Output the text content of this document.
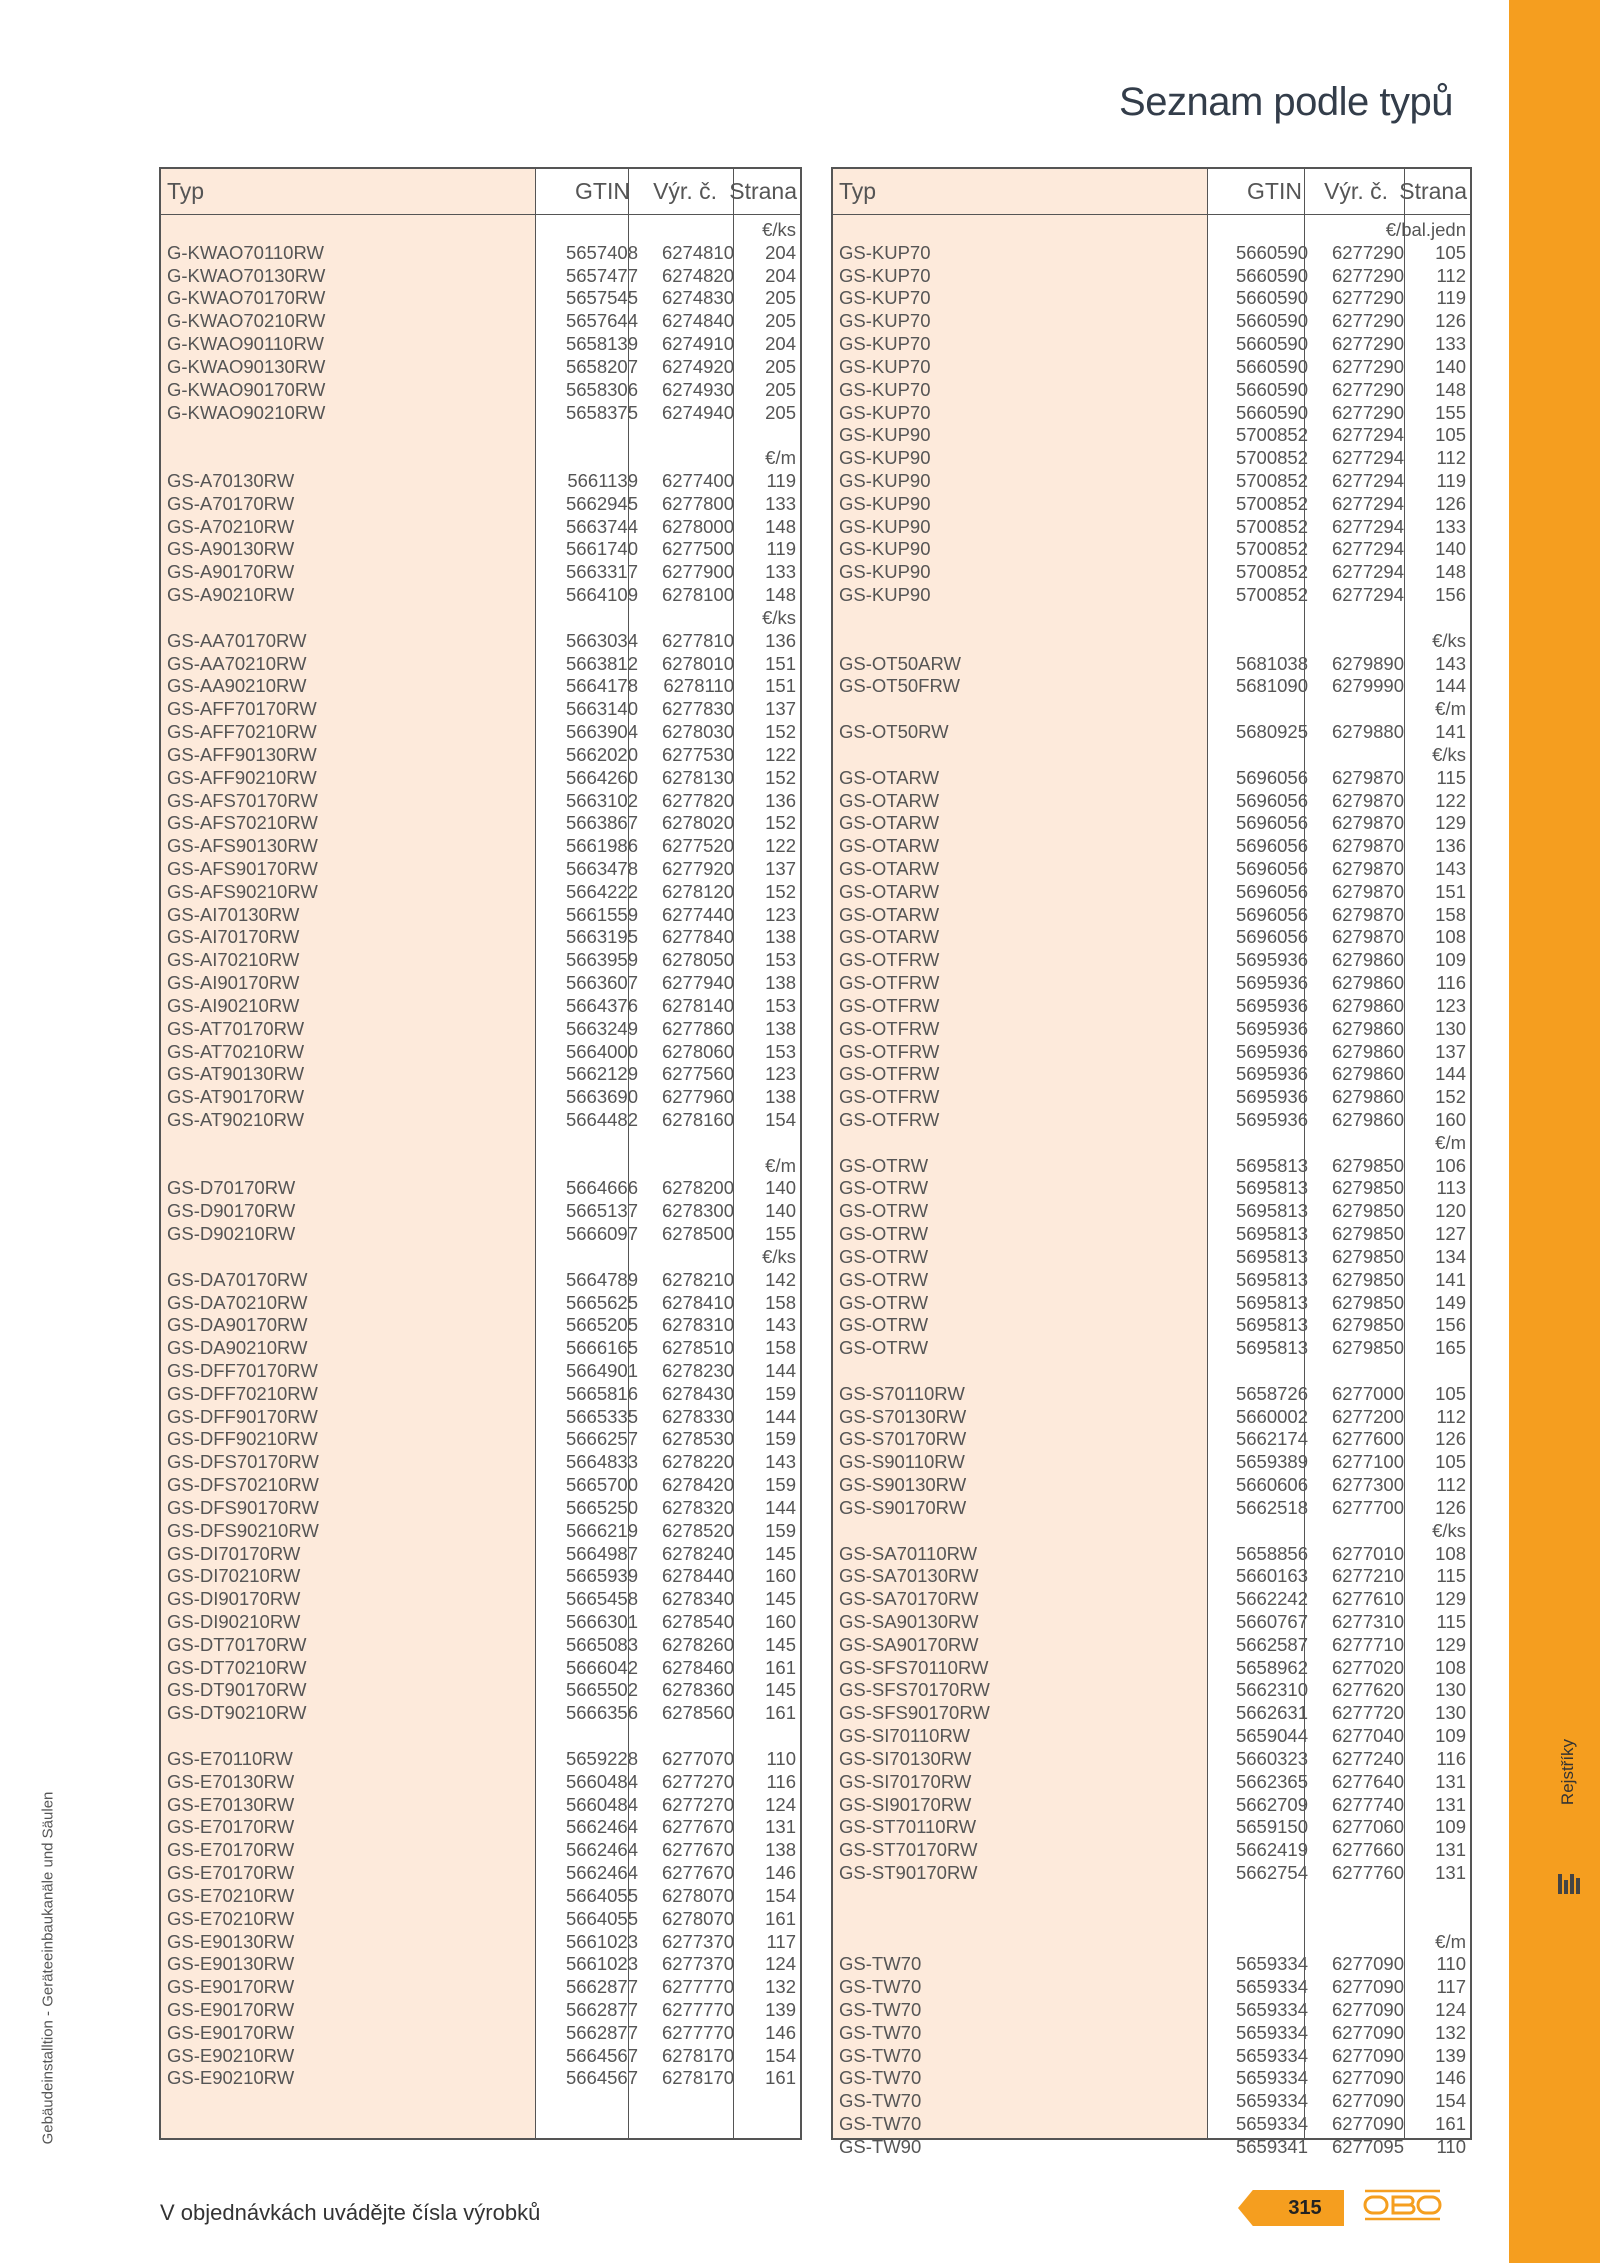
Rejstříky
Gebäudeinstalltion - Geräteeinbaukanäle und Säulen
Seznam podle typů
Typ	GTIN Výr. č. Strana
€/ks
G-KWAO70110RW	5657408 6274810 204
G-KWAO70130RW	5657477 6274820 204
G-KWAO70170RW	5657545 6274830 205
G-KWAO70210RW	5657644 6274840 205
G-KWAO90110RW	5658139 6274910 204
G-KWAO90130RW	5658207 6274920 205
G-KWAO90170RW	5658306 6274930 205
G-KWAO90210RW	5658375 6274940 205
€/m
GS-A70130RW	5661139 6277400 119
GS-A70170RW	5662945 6277800 133
GS-A70210RW	5663744 6278000 148
GS-A90130RW	5661740 6277500 119
GS-A90170RW	5663317 6277900 133
GS-A90210RW	5664109 6278100 148
€/ks
GS-AA70170RW	5663034 6277810 136
GS-AA70210RW	5663812 6278010 151
GS-AA90210RW	5664178 6278110 151
GS-AFF70170RW	5663140 6277830 137
GS-AFF70210RW	5663904 6278030 152
GS-AFF90130RW	5662020 6277530 122
GS-AFF90210RW	5664260 6278130 152
GS-AFS70170RW	5663102 6277820 136
GS-AFS70210RW	5663867 6278020 152
GS-AFS90130RW	5661986 6277520 122
GS-AFS90170RW	5663478 6277920 137
GS-AFS90210RW	5664222 6278120 152
GS-AI70130RW	5661559 6277440 123
GS-AI70170RW	5663195 6277840 138
GS-AI70210RW	5663959 6278050 153
GS-AI90170RW	5663607 6277940 138
GS-AI90210RW	5664376 6278140 153
GS-AT70170RW	5663249 6277860 138
GS-AT70210RW	5664000 6278060 153
GS-AT90130RW	5662129 6277560 123
GS-AT90170RW	5663690 6277960 138
GS-AT90210RW	5664482 6278160 154
€/m
GS-D70170RW	5664666 6278200 140
GS-D90170RW	5665137 6278300 140
GS-D90210RW	5666097 6278500 155
€/ks
GS-DA70170RW	5664789 6278210 142
GS-DA70210RW	5665625 6278410 158
GS-DA90170RW	5665205 6278310 143
GS-DA90210RW	5666165 6278510 158
GS-DFF70170RW	5664901 6278230 144
GS-DFF70210RW	5665816 6278430 159
GS-DFF90170RW	5665335 6278330 144
GS-DFF90210RW	5666257 6278530 159
GS-DFS70170RW	5664833 6278220 143
GS-DFS70210RW	5665700 6278420 159
GS-DFS90170RW	5665250 6278320 144
GS-DFS90210RW	5666219 6278520 159
GS-DI70170RW	5664987 6278240 145
GS-DI70210RW	5665939 6278440 160
GS-DI90170RW	5665458 6278340 145
GS-DI90210RW	5666301 6278540 160
GS-DT70170RW	5665083 6278260 145
GS-DT70210RW	5666042 6278460 161
GS-DT90170RW	5665502 6278360 145
GS-DT90210RW	5666356 6278560 161
GS-E70110RW	5659228 6277070 110
GS-E70130RW	5660484 6277270 116
GS-E70130RW	5660484 6277270 124
GS-E70170RW	5662464 6277670 131
GS-E70170RW	5662464 6277670 138
GS-E70170RW	5662464 6277670 146
GS-E70210RW	5664055 6278070 154
GS-E70210RW	5664055 6278070 161
GS-E90130RW	5661023 6277370 117
GS-E90130RW	5661023 6277370 124
GS-E90170RW	5662877 6277770 132
GS-E90170RW	5662877 6277770 139
GS-E90170RW	5662877 6277770 146
GS-E90210RW	5664567 6278170 154
GS-E90210RW	5664567 6278170 161
Typ	GTIN Výr. č. Strana
€/bal.jedn
GS-KUP70	5660590 6277290 105
GS-KUP70	5660590 6277290 112
GS-KUP70	5660590 6277290 119
GS-KUP70	5660590 6277290 126
GS-KUP70	5660590 6277290 133
GS-KUP70	5660590 6277290 140
GS-KUP70	5660590 6277290 148
GS-KUP70	5660590 6277290 155
GS-KUP90	5700852 6277294 105
GS-KUP90	5700852 6277294 112
GS-KUP90	5700852 6277294 119
GS-KUP90	5700852 6277294 126
GS-KUP90	5700852 6277294 133
GS-KUP90	5700852 6277294 140
GS-KUP90	5700852 6277294 148
GS-KUP90	5700852 6277294 156
€/ks
GS-OT50ARW	5681038 6279890 143
GS-OT50FRW	5681090 6279990 144
€/m
GS-OT50RW	5680925 6279880 141
€/ks
GS-OTARW	5696056 6279870 115
GS-OTARW	5696056 6279870 122
GS-OTARW	5696056 6279870 129
GS-OTARW	5696056 6279870 136
GS-OTARW	5696056 6279870 143
GS-OTARW	5696056 6279870 151
GS-OTARW	5696056 6279870 158
GS-OTARW	5696056 6279870 108
GS-OTFRW	5695936 6279860 109
GS-OTFRW	5695936 6279860 116
GS-OTFRW	5695936 6279860 123
GS-OTFRW	5695936 6279860 130
GS-OTFRW	5695936 6279860 137
GS-OTFRW	5695936 6279860 144
GS-OTFRW	5695936 6279860 152
GS-OTFRW	5695936 6279860 160
€/m
GS-OTRW	5695813 6279850 106
GS-OTRW	5695813 6279850 113
GS-OTRW	5695813 6279850 120
GS-OTRW	5695813 6279850 127
GS-OTRW	5695813 6279850 134
GS-OTRW	5695813 6279850 141
GS-OTRW	5695813 6279850 149
GS-OTRW	5695813 6279850 156
GS-OTRW	5695813 6279850 165
GS-S70110RW	5658726 6277000 105
GS-S70130RW	5660002 6277200 112
GS-S70170RW	5662174 6277600 126
GS-S90110RW	5659389 6277100 105
GS-S90130RW	5660606 6277300 112
GS-S90170RW	5662518 6277700 126
€/ks
GS-SA70110RW	5658856 6277010 108
GS-SA70130RW	5660163 6277210 115
GS-SA70170RW	5662242 6277610 129
GS-SA90130RW	5660767 6277310 115
GS-SA90170RW	5662587 6277710 129
GS-SFS70110RW	5658962 6277020 108
GS-SFS70170RW	5662310 6277620 130
GS-SFS90170RW	5662631 6277720 130
GS-SI70110RW	5659044 6277040 109
GS-SI70130RW	5660323 6277240 116
GS-SI70170RW	5662365 6277640 131
GS-SI90170RW	5662709 6277740 131
GS-ST70110RW	5659150 6277060 109
GS-ST70170RW	5662419 6277660 131
GS-ST90170RW	5662754 6277760 131
€/m
GS-TW70	5659334 6277090 110
GS-TW70	5659334 6277090 117
GS-TW70	5659334 6277090 124
GS-TW70	5659334 6277090 132
GS-TW70	5659334 6277090 139
GS-TW70	5659334 6277090 146
GS-TW70	5659334 6277090 154
GS-TW70	5659334 6277090 161
GS-TW90	5659341 6277095 110
V objednávkách uvádějte čísla výrobků	315
